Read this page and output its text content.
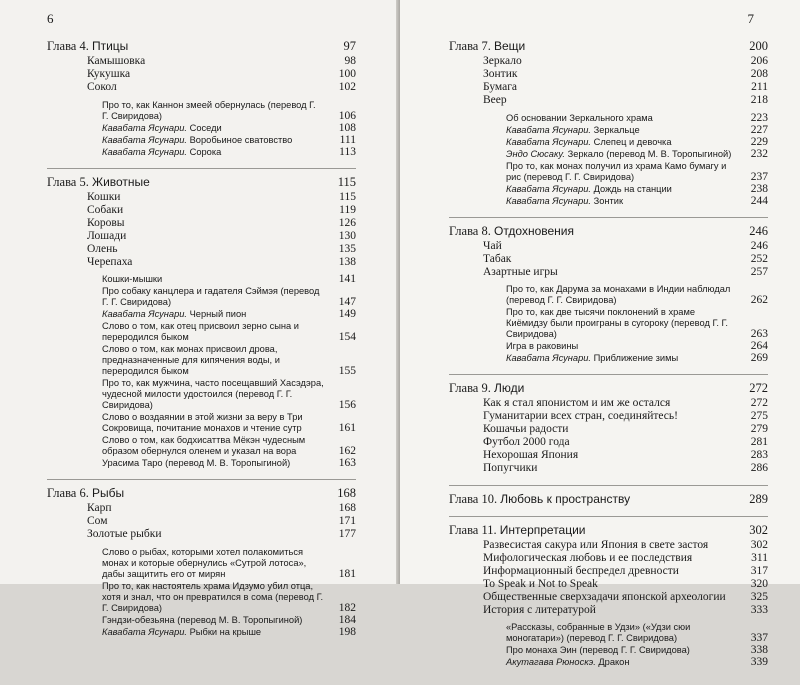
6
Глава 4. Птицы	97
Камышовка	98
Кукушка	100
Сокол	102
Про то, как Каннон змеей обернулась (перевод Г. Г. Свиридова)	106
Кавабата Ясунари. Соседи	108
Кавабата Ясунари. Воробьиное сватовство	111
Кавабата Ясунари. Сорока	113
Глава 5. Животные	115
Кошки	115
Собаки	119
Коровы	126
Лошади	130
Олень	135
Черепаха	138
Кошки-мышки	141
Про собаку канцлера и гадателя Сэймэя (перевод Г. Г. Свиридова)	147
Кавабата Ясунари. Черный пион	149
Слово о том, как отец присвоил зерно сына и переродился быком	154
Слово о том, как монах присвоил дрова, предназначенные для кипячения воды, и переродился быком	155
Про то, как мужчина, часто посещавший Хасэдэра, чудесной милости удостоился (перевод Г. Г. Свиридова)	156
Слово о воздаянии в этой жизни за веру в Три Сокровища, почитание монахов и чтение сутр	161
Слово о том, как бодхисаттва Мёкэн чудесным образом обернулся оленем и указал на вора	162
Урасима Таро (перевод М. В. Торопыгиной)	163
Глава 6. Рыбы	168
Карп	168
Сом	171
Золотые рыбки	177
Слово о рыбах, которыми хотел полакомиться монах и которые обернулись «Сутрой лотоса», дабы защитить его от мирян	181
Про то, как настоятель храма Идзумо убил отца, хотя и знал, что он превратился в сома (перевод Г. Г. Свиридова)	182
Гэндзи-обезьяна (перевод М. В. Торопыгиной)	184
Кавабата Ясунари. Рыбки на крыше	198
7
Глава 7. Вещи	200
Зеркало	206
Зонтик	208
Бумага	211
Веер	218
Об основании Зеркального храма	223
Кавабата Ясунари. Зеркальце	227
Кавабата Ясунари. Слепец и девочка	229
Эндо Сюсаку. Зеркало (перевод М. В. Торопыгиной) 232
Про то, как монах получил из храма Камо бумагу и рис (перевод Г. Г. Свиридова)	237
Кавабата Ясунари. Дождь на станции	238
Кавабата Ясунари. Зонтик	244
Глава 8. Отдохновения	246
Чай	246
Табак	252
Азартные игры	257
Про то, как Дарума за монахами в Индии наблюдал (перевод Г. Г. Свиридова)	262
Про то, как две тысячи поклонений в храме Киёмидзу были проиграны в сугороку (перевод Г. Г. Свиридова)	263
Игра в раковины	264
Кавабата Ясунари. Приближение зимы	269
Глава 9. Люди	272
Как я стал японистом и им же остался	272
Гуманитарии всех стран, соединяйтесь!	275
Кошачьи радости	279
Футбол 2000 года	281
Нехорошая Япония	283
Попугчики	286
Глава 10. Любовь к пространству	289
Глава 11. Интерпретации	302
Развесистая сакура или Япония в свете застоя	302
Мифологическая любовь и ее последствия	311
Информационный беспредел древности	317
To Speak и Not to Speak	320
Общественные сверхзадачи японской археологии 325
История с литературой	333
«Рассказы, собранные в Удзи» («Удзи сюи моногатари») (перевод Г. Г. Свиридова)	337
Про монаха Эин (перевод Г. Г. Свиридова)	338
Акутагава Рюноскэ. Дракон	339
